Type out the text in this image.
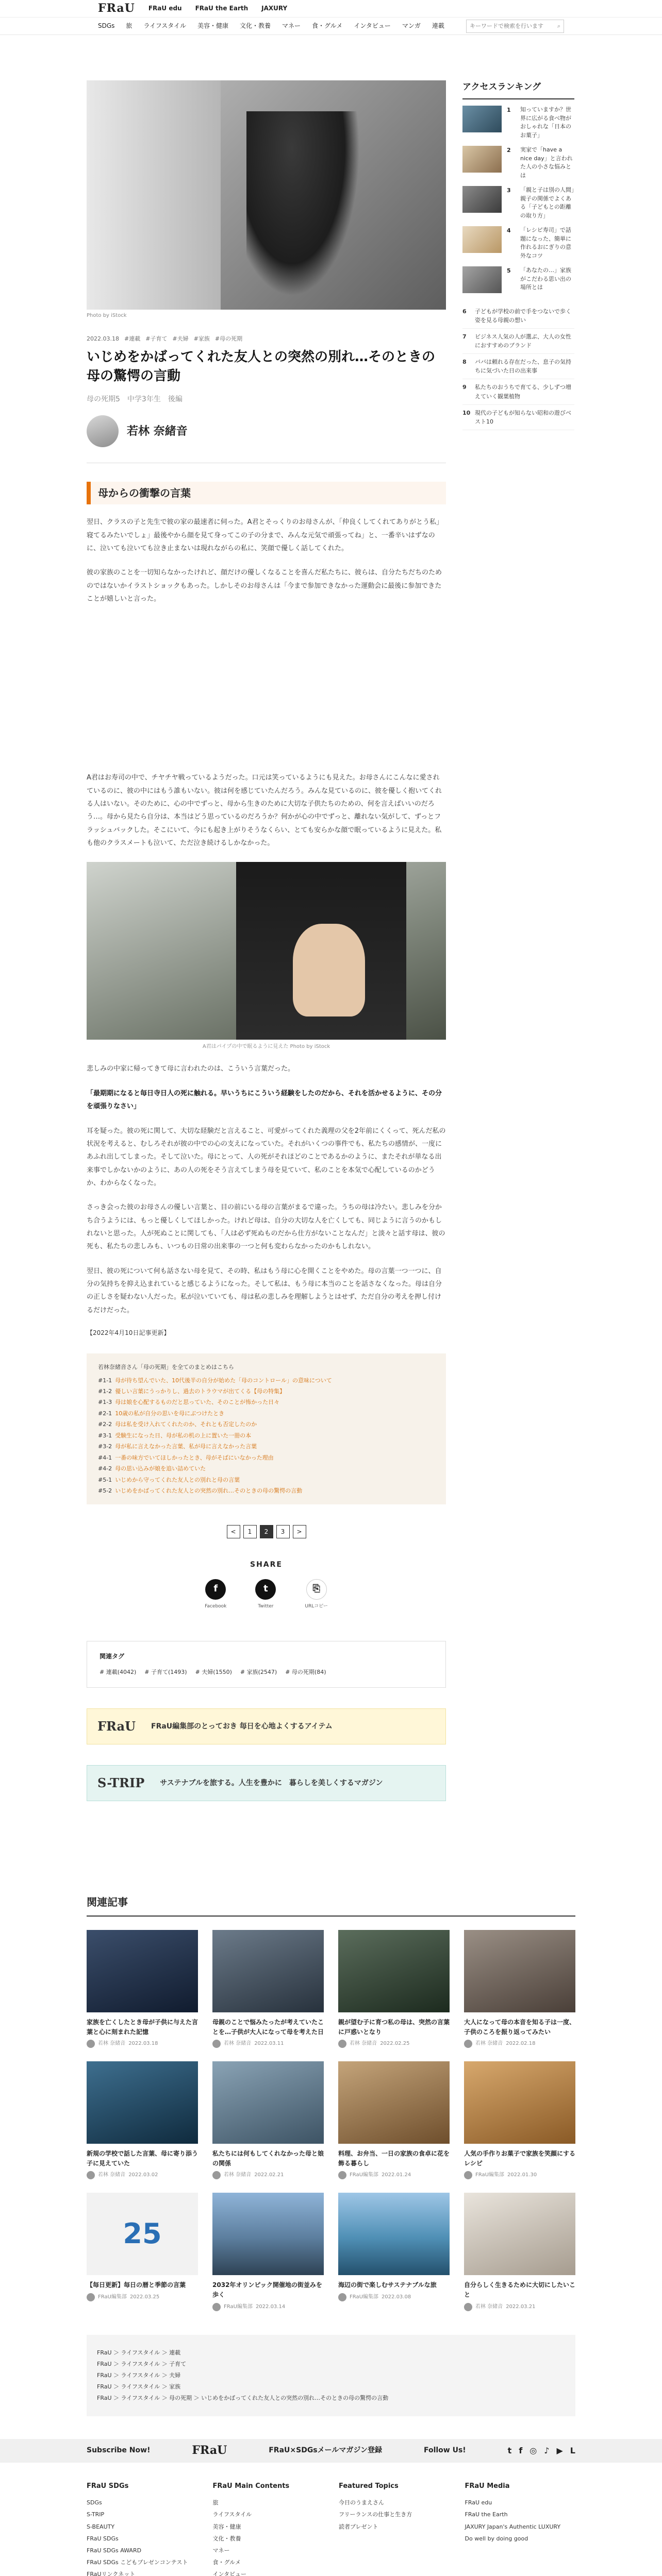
FRaU FRaU edu FRaU the Earth JAXURY
SDGs 旅 ライフスタイル 美容・健康 文化・教養 マネー 食・グルメ インタビュー マンガ 連載
キーワードで検索を行います	⌕
Photo by iStock
2022.03.18 #連載 #子育て #夫婦 #家族 #母の死期
いじめをかばってくれた友人との突然の別れ…そのときの母の驚愕の言動
母の死期5　中学3年生　後編
若林 奈緒音
母からの衝撃の言葉

翌日、クラスの子と先生で彼の家の最速者に伺った。A君とそっくりのお母さんが、「仲良くしてくれてありがとう私」寝てるみたいでしょ」最後やから顔を見て身ってこの子の分まで、みんな元気で頑張ってね」と、一番辛いはずなのに、泣いても泣いても泣き止まないは現れながらの私に、笑顔で優しく話してくれた。

彼の家族のことを一切知らなかったけれど、顔だけの優しくなることを喜んだ私たちに、彼らは、自分たちだちのためのではないかイラストショックもあった。しかしそのお母さんは「今まで参加できなかった運動会に最後に参加できたことが嬉しいと言った。

A君はお寿司の中で、チヤチヤ戦っているようだった。口元は笑っているようにも見えた。お母さんにこんなに愛されているのに、彼の中にはもう誰もいない。彼は何を感じていたんだろう。みんな見ているのに、彼を優しく抱いてくれる人はいない。そのために、心の中でずっと、母から生きのために大切な子供たちのための、何を言えばいいのだろう…。母から見たら自分は、本当はどう思っているのだろうか？何かが心の中でずっと、離れない気がして、ずっとフラッシュバックした。そこにいて、今にも起き上がりそうなくらい、とても安らかな顔で眠っているように見えた。私も他のクラスメートも泣いて、ただ泣き続けるしかなかった。

A君はパイプの中で眠るように見えた Photo by iStock

悲しみの中家に帰ってきて母に言われたのは、こういう言葉だった。

「最期期になると毎日寺日人の死に触れる。早いうちにこういう経験をしたのだから、それを活かせるように、その分を頑張りなさい」

耳を疑った。彼の死に関して、大切な経験だと言えること、可愛がってくれた義理の父を2年前にくくって、死んだ私の状況を考えると、むしろそれが彼の中での心の支えになっていた。それがいくつの事件でも、私たちの感情が、一度にあふれ出してしまった。そして泣いた。母にとって、人の死がそれほどのことであるかのように、またそれが単なる出来事でしかないかのように、あの人の死をそう言えてしまう母を見ていて、私のことを本気で心配しているのかどうか、わからなくなった。

さっき会った彼のお母さんの優しい言葉と、目の前にいる母の言葉がまるで違った。うちの母は冷たい。悲しみを分かち合うようには、もっと優しくしてほしかった。けれど母は、自分の大切な人を亡くしても、同じように言うのかもしれないと思った。人が死ぬことに関しても、「人は必ず死ぬものだから仕方がないことなんだ」と淡々と話す母は、彼の死も、私たちの悲しみも、いつもの日常の出来事の一つと何も変わらなかったのかもしれない。

翌日、彼の死について何も話さない母を見て、その時、私はもう母に心を開くことをやめた。母の言葉一つ一つに、自分の気持ちを抑え込まれていると感じるようになった。そして私は、もう母に本当のことを話さなくなった。母は自分の正しさを疑わない人だった。私が泣いていても、母は私の悲しみを理解しようとはせず、ただ自分の考えを押し付けるだけだった。

【2022年4月10日記事更新】
若林奈緒音さん「母の死期」を全てのまとめはこちら
#1-1 母が待ち望んでいた、10代後半の自分が始めた「母のコントロール」の意味について
#1-2 優しい言葉にうっかりし、過去のトラウマが出てくる【母の特集】
#1-3 母は娘を心配するものだと思っていた、そのことが怖かった日々
#2-1 10歳の私が自分の思いを母にぶつけたとき
#2-2 母は私を受け入れてくれたのか、それとも否定したのか
#3-1 受験生になった日、母が私の机の上に置いた一冊の本
#3-2 母が私に言えなかった言葉、私が母に言えなかった言葉
#4-1 一番の味方でいてほしかったとき、母がそばにいなかった理由
#4-2 母の思い込みが娘を追い詰めていた
#5-1 いじめから守ってくれた友人との別れと母の言葉
#5-2 いじめをかばってくれた友人との突然の別れ…そのときの母の驚愕の言動
<	1	2	3	>
SHARE
f
Facebook
t
Twitter
⎘
URLコピー
関連タグ
# 連載(4042) # 子育て(1493) # 夫婦(1550) # 家族(2547) # 母の死期(84)
FRaU FRaU編集部のとっておき 毎日を心地よくするアイテム
S-TRIP サステナブルを旅する。人生を豊かに　暮らしを美しくするマガジン
アクセスランキング
1	知っていますか？世界に広がる食べ物がおしゃれな「日本のお菓子」
2	実家で「have a nice day」と言われた人の小さな悩みとは
3	「親と子は別の人間」親子の関係でよくある「子どもとの距離の取り方」
4	「レシピ寿司」で話題になった、簡単に作れるおにぎりの意外なコツ
5	「あなたの…」家族がこだわる思い出の場所とは
6	子どもが学校の前で手をつないで歩く姿を見る母親の想い
7	ビジネス人気の人が選ぶ、大人の女性におすすめのブランド
8	ババは頼れる存在だった、息子の気持ちに気づいた日の出来事
9	私たちのおうちで育てる、少しずつ増えていく観葉植物
10 現代の子どもが知らない昭和の遊びベスト10
関連記事
家族を亡くしたとき母が子供に与えた言葉と心に刻まれた記憶
若林 奈緒音 2022.03.18
母親のことで悩みたったが考えていたことを…子供が大人になって母を考えた日
若林 奈緒音 2022.03.11
親が望む子に育つ私の母は、突然の言葉に戸惑いとなり
若林 奈緒音 2022.02.25
大人になって母の本音を知る子は一度、子供のころを振り返ってみたい
若林 奈緒音 2022.02.18
新規の学校で話した言葉、母に寄り添う子に見えていた
若林 奈緒音 2022.03.02
私たちには何もしてくれなかった母と娘の関係
若林 奈緒音 2022.02.21
料理、お弁当、一日の家族の食卓に花を飾る暮らし
FRaU編集部 2022.01.24
人気の手作りお菓子で家族を笑顔にするレシピ
FRaU編集部 2022.01.30
25
【毎日更新】毎日の暦と季節の言葉
FRaU編集部 2022.03.25
2032年オリンピック開催地の街並みを歩く
FRaU編集部 2022.03.14
海辺の街で楽しむサステナブルな旅
FRaU編集部 2022.03.08
自分らしく生きるために大切にしたいこと
若林 奈緒音 2022.03.21
FRaU ＞ ライフスタイル ＞ 連載
FRaU ＞ ライフスタイル ＞ 子育て
FRaU ＞ ライフスタイル ＞ 夫婦
FRaU ＞ ライフスタイル ＞ 家族
FRaU ＞ ライフスタイル ＞ 母の死期 ＞ いじめをかばってくれた友人との突然の別れ…そのときの母の驚愕の言動
Subscribe Now!	FRaU	FRaU×SDGsメールマガジン登録	Follow Us!	t f ◎ ♪ ▶ L
FRaU SDGs
SDGs
S-TRIP
S-BEAUTY
FRaU SDGs
FRaU SDGs AWARD
FRaU SDGs こどもプレゼンコンテスト
FRaUリンクネット
FRaU Main Contents
旅
ライフスタイル
美容・健康
文化・教養
マネー
食・グルメ
インタビュー
Featured Topics
今日のうまえさん
フリーランスの仕事と生き方
読者プレゼント
FRaU Media
FRaU edu
FRaU the Earth
JAXURY Japan's Authentic LUXURY
Do well by doing good
